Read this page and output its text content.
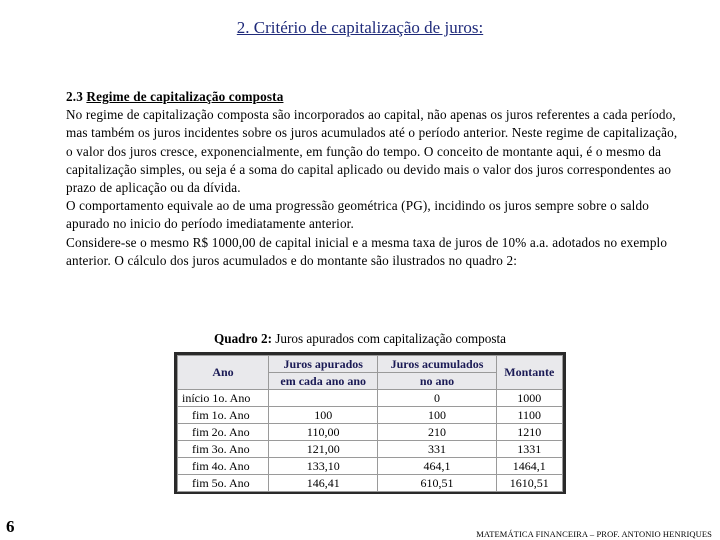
2. Critério de capitalização de juros:

2.3 Regime de capitalização composta

No regime de capitalização composta são incorporados ao capital, não apenas os juros referentes a cada período, mas também os juros incidentes sobre os juros acumulados até o período anterior. Neste regime de capitalização, o valor dos juros cresce, exponencialmente, em função do tempo. O conceito de montante aqui, é o mesmo da capitalização simples, ou seja é a soma do capital aplicado ou devido mais o valor dos juros correspondentes ao prazo de aplicação ou da dívida.

O comportamento equivale ao de uma progressão geométrica (PG), incidindo os juros sempre sobre o saldo apurado no inicio do período imediatamente anterior.

Considere-se o mesmo R$ 1000,00 de capital inicial e a mesma taxa de juros de 10% a.a. adotados no exemplo anterior. O cálculo dos juros acumulados e do montante são ilustrados no quadro 2:

Quadro 2: Juros apurados com capitalização composta
Ano	Juros apurados	Juros acumulados	Montante
	em cada ano ano	no ano	
início 1o. Ano		0	1000
fim 1o. Ano	100	100	1100
fim 2o. Ano	110,00	210	1210
fim 3o. Ano	121,00	331	1331
fim 4o. Ano	133,10	464,1	1464,1
fim 5o. Ano	146,41	610,51	1610,51
6	MATEMÁTICA FINANCEIRA – PROF. ANTONIO HENRIQUES
